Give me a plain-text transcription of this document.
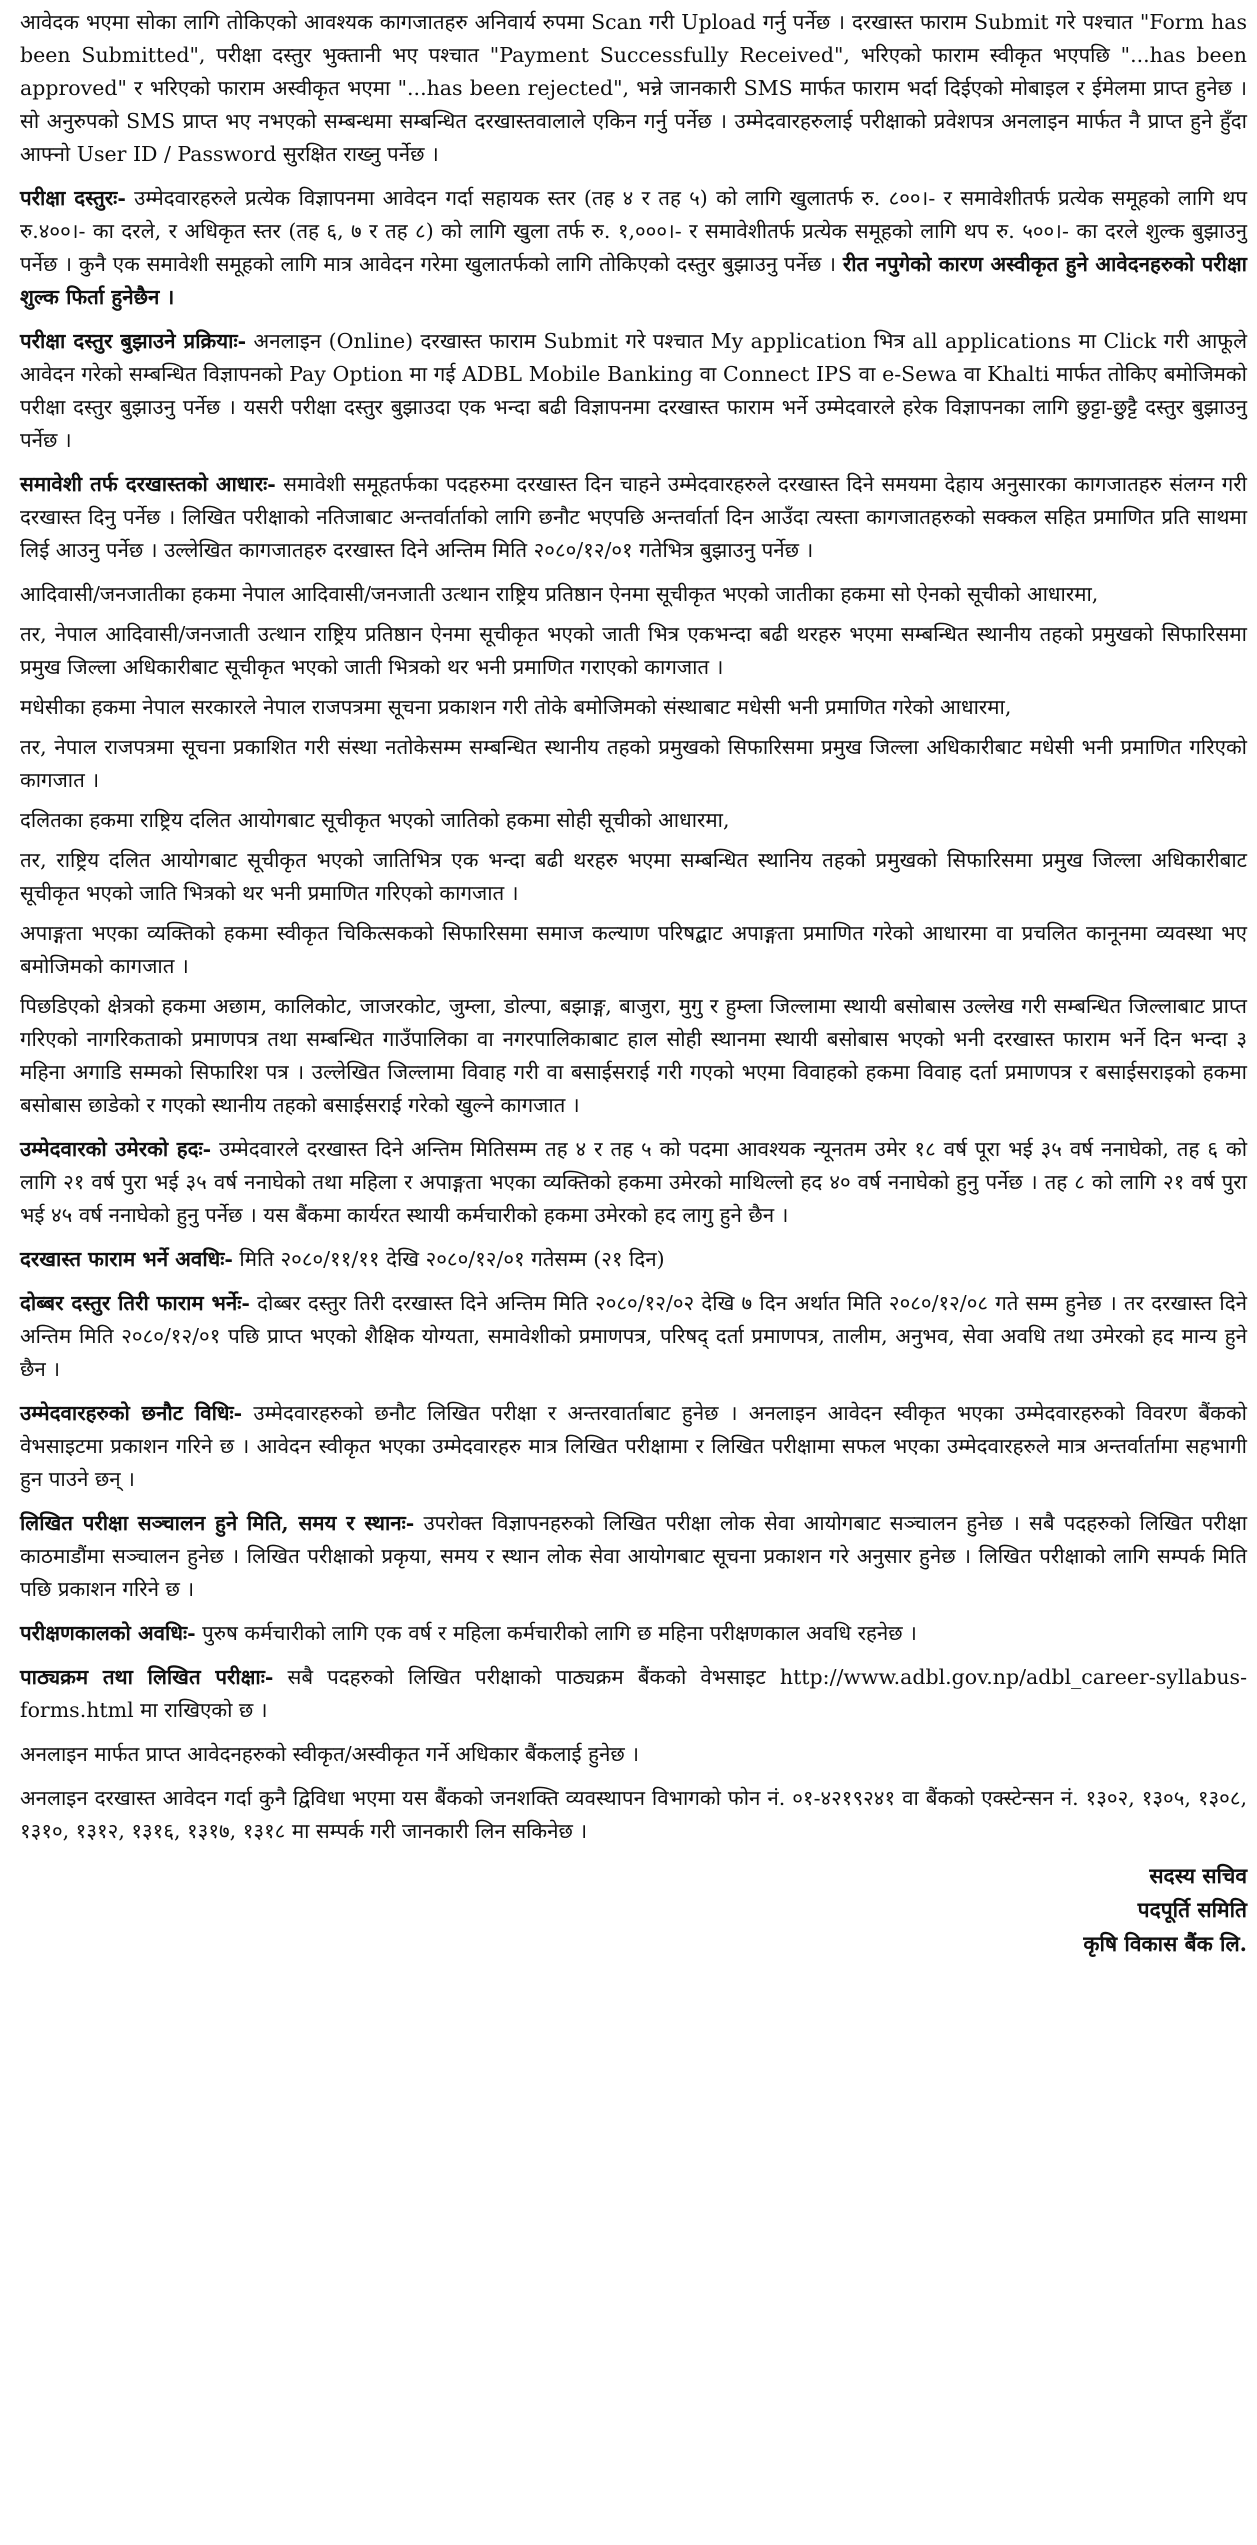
आवेदक भएमा सोका लागि तोकिएको आवश्यक कागजातहरु अनिवार्य रुपमा Scan गरी Upload गर्नु पर्नेछ । दरखास्त फाराम Submit गरे पश्चात "Form has been Submitted", परीक्षा दस्तुर भुक्तानी भए पश्चात "Payment Successfully Received", भरिएको फाराम स्वीकृत भएपछि "...has been approved" र भरिएको फाराम अस्वीकृत भएमा "...has been rejected", भन्ने जानकारी SMS मार्फत फाराम भर्दा दिईएको मोबाइल र ईमेलमा प्राप्त हुनेछ । सो अनुरुपको SMS प्राप्त भए नभएको सम्बन्धमा सम्बन्धित दरखास्तवालाले एकिन गर्नु पर्नेछ । उम्मेदवारहरुलाई परीक्षाको प्रवेशपत्र अनलाइन मार्फत नै प्राप्त हुने हुँदा आफ्नो User ID / Password सुरक्षित राख्नु पर्नेछ ।

परीक्षा दस्तुरः- उम्मेदवारहरुले प्रत्येक विज्ञापनमा आवेदन गर्दा सहायक स्तर (तह ४ र तह ५) को लागि खुलातर्फ रु. ८००।- र समावेशीतर्फ प्रत्येक समूहको लागि थप रु.४००।- का दरले, र अधिकृत स्तर (तह ६, ७ र तह ८) को लागि खुला तर्फ रु. १,०००।- र समावेशीतर्फ प्रत्येक समूहको लागि थप रु. ५००।- का दरले शुल्क बुझाउनु पर्नेछ । कुनै एक समावेशी समूहको लागि मात्र आवेदन गरेमा खुलातर्फको लागि तोकिएको दस्तुर बुझाउनु पर्नेछ । रीत नपुगेको कारण अस्वीकृत हुने आवेदनहरुको परीक्षा शुल्क फिर्ता हुनेछैन ।

परीक्षा दस्तुर बुझाउने प्रक्रियाः- अनलाइन (Online) दरखास्त फाराम Submit गरे पश्चात My application भित्र all applications मा Click गरी आफूले आवेदन गरेको सम्बन्धित विज्ञापनको Pay Option मा गई ADBL Mobile Banking वा Connect IPS वा e-Sewa वा Khalti मार्फत तोकिए बमोजिमको परीक्षा दस्तुर बुझाउनु पर्नेछ । यसरी परीक्षा दस्तुर बुझाउदा एक भन्दा बढी विज्ञापनमा दरखास्त फाराम भर्ने उम्मेदवारले हरेक विज्ञापनका लागि छुट्टा-छुट्टै दस्तुर बुझाउनु पर्नेछ ।

समावेशी तर्फ दरखास्तको आधारः- समावेशी समूहतर्फका पदहरुमा दरखास्त दिन चाहने उम्मेदवारहरुले दरखास्त दिने समयमा देहाय अनुसारका कागजातहरु संलग्न गरी दरखास्त दिनु पर्नेछ । लिखित परीक्षाको नतिजाबाट अन्तर्वार्ताको लागि छनौट भएपछि अन्तर्वार्ता दिन आउँदा त्यस्ता कागजातहरुको सक्कल सहित प्रमाणित प्रति साथमा लिई आउनु पर्नेछ । उल्लेखित कागजातहरु दरखास्त दिने अन्तिम मिति २०८०/१२/०१ गतेभित्र बुझाउनु पर्नेछ ।

आदिवासी/जनजातीका हकमा नेपाल आदिवासी/जनजाती उत्थान राष्ट्रिय प्रतिष्ठान ऐनमा सूचीकृत भएको जातीका हकमा सो ऐनको सूचीको आधारमा,

तर, नेपाल आदिवासी/जनजाती उत्थान राष्ट्रिय प्रतिष्ठान ऐनमा सूचीकृत भएको जाती भित्र एकभन्दा बढी थरहरु भएमा सम्बन्धित स्थानीय तहको प्रमुखको सिफारिसमा प्रमुख जिल्ला अधिकारीबाट सूचीकृत भएको जाती भित्रको थर भनी प्रमाणित गराएको कागजात ।

मधेसीका हकमा नेपाल सरकारले नेपाल राजपत्रमा सूचना प्रकाशन गरी तोके बमोजिमको संस्थाबाट मधेसी भनी प्रमाणित गरेको आधारमा,

तर, नेपाल राजपत्रमा सूचना प्रकाशित गरी संस्था नतोकेसम्म सम्बन्धित स्थानीय तहको प्रमुखको सिफारिसमा प्रमुख जिल्ला अधिकारीबाट मधेसी भनी प्रमाणित गरिएको कागजात ।

दलितका हकमा राष्ट्रिय दलित आयोगबाट सूचीकृत भएको जातिको हकमा सोही सूचीको आधारमा,

तर, राष्ट्रिय दलित आयोगबाट सूचीकृत भएको जातिभित्र एक भन्दा बढी थरहरु भएमा सम्बन्धित स्थानिय तहको प्रमुखको सिफारिसमा प्रमुख जिल्ला अधिकारीबाट सूचीकृत भएको जाति भित्रको थर भनी प्रमाणित गरिएको कागजात ।

अपाङ्गता भएका व्यक्तिको हकमा स्वीकृत चिकित्सकको सिफारिसमा समाज कल्याण परिषद्बाट अपाङ्गता प्रमाणित गरेको आधारमा वा प्रचलित कानूनमा व्यवस्था भए बमोजिमको कागजात ।

पिछडिएको क्षेत्रको हकमा अछाम, कालिकोट, जाजरकोट, जुम्ला, डोल्पा, बझाङ्ग, बाजुरा, मुगु र हुम्ला जिल्लामा स्थायी बसोबास उल्लेख गरी सम्बन्धित जिल्लाबाट प्राप्त गरिएको नागरिकताको प्रमाणपत्र तथा सम्बन्धित गाउँपालिका वा नगरपालिकाबाट हाल सोही स्थानमा स्थायी बसोबास भएको भनी दरखास्त फाराम भर्ने दिन भन्दा ३ महिना अगाडि सम्मको सिफारिश पत्र । उल्लेखित जिल्लामा विवाह गरी वा बसाईसराई गरी गएको भएमा विवाहको हकमा विवाह दर्ता प्रमाणपत्र र बसाईसराइको हकमा बसोबास छाडेको र गएको स्थानीय तहको बसाईसराई गरेको खुल्ने कागजात ।

उम्मेदवारको उमेरको हदः- उम्मेदवारले दरखास्त दिने अन्तिम मितिसम्म तह ४ र तह ५ को पदमा आवश्यक न्यूनतम उमेर १८ वर्ष पूरा भई ३५ वर्ष ननाघेको, तह ६ को लागि २१ वर्ष पुरा भई ३५ वर्ष ननाघेको तथा महिला र अपाङ्गता भएका व्यक्तिको हकमा उमेरको माथिल्लो हद ४० वर्ष ननाघेको हुनु पर्नेछ । तह ८ को लागि २१ वर्ष पुरा भई ४५ वर्ष ननाघेको हुनु पर्नेछ । यस बैंकमा कार्यरत स्थायी कर्मचारीको हकमा उमेरको हद लागु हुने छैन ।

दरखास्त फाराम भर्ने अवधिः- मिति २०८०/११/११ देखि २०८०/१२/०१ गतेसम्म (२१ दिन)

दोब्बर दस्तुर तिरी फाराम भर्नेः- दोब्बर दस्तुर तिरी दरखास्त दिने अन्तिम मिति २०८०/१२/०२ देखि ७ दिन अर्थात मिति २०८०/१२/०८ गते सम्म हुनेछ । तर दरखास्त दिने अन्तिम मिति २०८०/१२/०१ पछि प्राप्त भएको शैक्षिक योग्यता, समावेशीको प्रमाणपत्र, परिषद् दर्ता प्रमाणपत्र, तालीम, अनुभव, सेवा अवधि तथा उमेरको हद मान्य हुने छैन ।

उम्मेदवारहरुको छनौट विधिः- उम्मेदवारहरुको छनौट लिखित परीक्षा र अन्तरवार्ताबाट हुनेछ । अनलाइन आवेदन स्वीकृत भएका उम्मेदवारहरुको विवरण बैंकको वेभसाइटमा प्रकाशन गरिने छ । आवेदन स्वीकृत भएका उम्मेदवारहरु मात्र लिखित परीक्षामा र लिखित परीक्षामा सफल भएका उम्मेदवारहरुले मात्र अन्तर्वार्तामा सहभागी हुन पाउने छन् ।

लिखित परीक्षा सञ्चालन हुने मिति, समय र स्थानः- उपरोक्त विज्ञापनहरुको लिखित परीक्षा लोक सेवा आयोगबाट सञ्चालन हुनेछ । सबै पदहरुको लिखित परीक्षा काठमाडौंमा सञ्चालन हुनेछ । लिखित परीक्षाको प्रकृया, समय र स्थान लोक सेवा आयोगबाट सूचना प्रकाशन गरे अनुसार हुनेछ । लिखित परीक्षाको लागि सम्पर्क मिति पछि प्रकाशन गरिने छ ।

परीक्षणकालको अवधिः- पुरुष कर्मचारीको लागि एक वर्ष र महिला कर्मचारीको लागि छ महिना परीक्षणकाल अवधि रहनेछ ।

पाठ्यक्रम तथा लिखित परीक्षाः- सबै पदहरुको लिखित परीक्षाको पाठ्यक्रम बैंकको वेभसाइट http://www.adbl.gov.np/adbl_career-syllabus-forms.html मा राखिएको छ ।

अनलाइन मार्फत प्राप्त आवेदनहरुको स्वीकृत/अस्वीकृत गर्ने अधिकार बैंकलाई हुनेछ ।

अनलाइन दरखास्त आवेदन गर्दा कुनै द्विविधा भएमा यस बैंकको जनशक्ति व्यवस्थापन विभागको फोन नं. ०१-४२१९२४१ वा बैंकको एक्स्टेन्सन नं. १३०२, १३०५, १३०८, १३१०, १३१२, १३१६, १३१७, १३१८ मा सम्पर्क गरी जानकारी लिन सकिनेछ ।

सदस्य सचिव
पदपूर्ति समिति
कृषि विकास बैंक लि.
